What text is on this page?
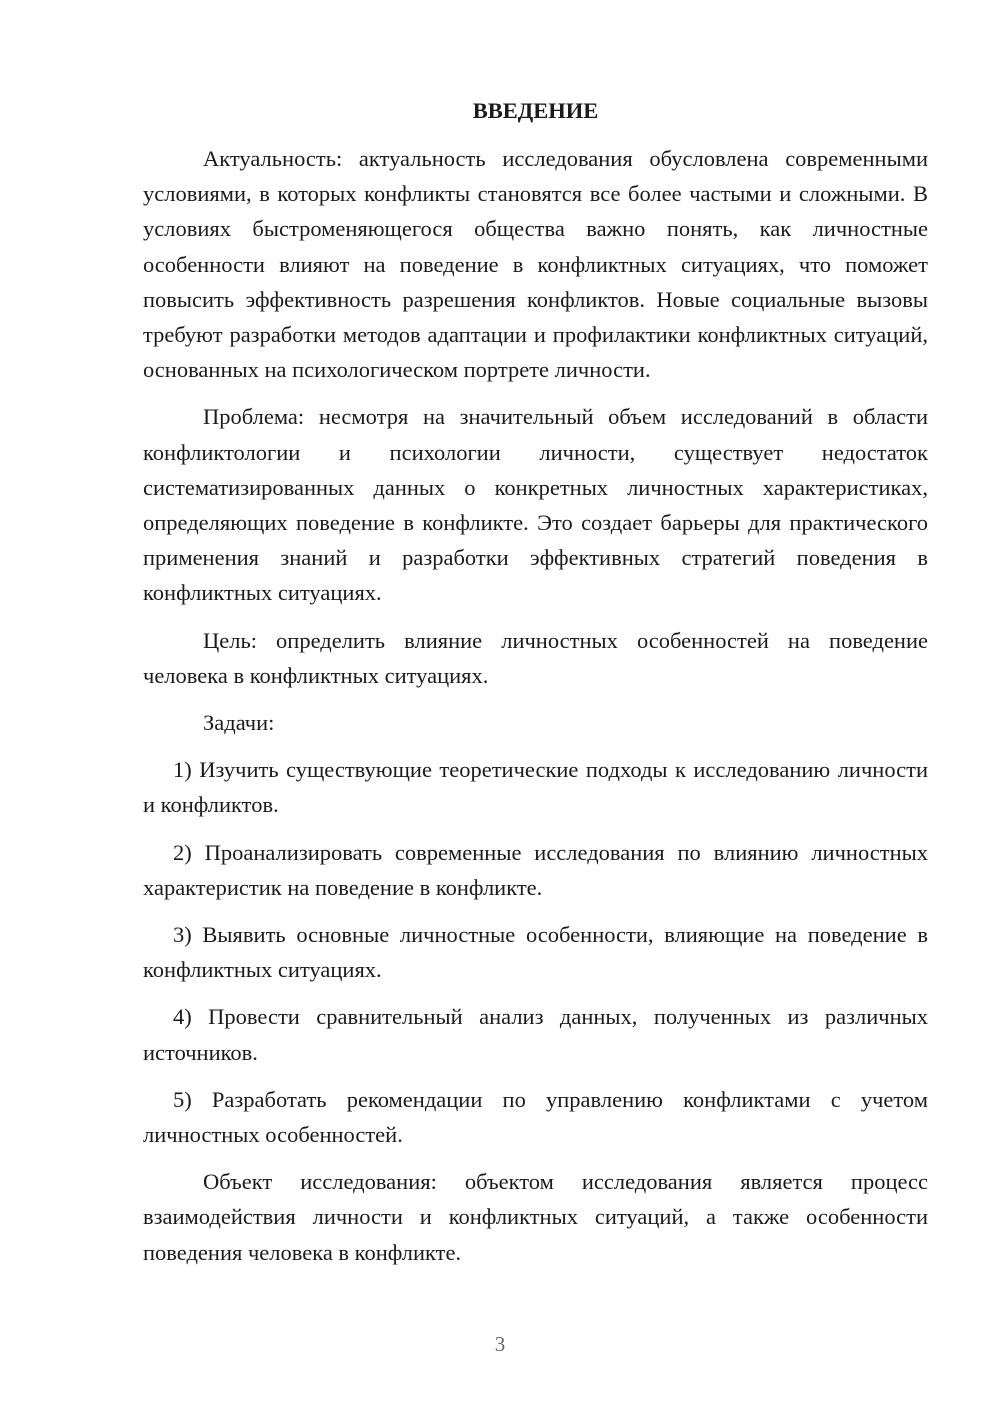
ВВЕДЕНИЕ

Актуальность: актуальность исследования обусловлена современными условиями, в которых конфликты становятся все более частыми и сложными. В условиях быстроменяющегося общества важно понять, как личностные особенности влияют на поведение в конфликтных ситуациях, что поможет повысить эффективность разрешения конфликтов. Новые социальные вызовы требуют разработки методов адаптации и профилактики конфликтных ситуаций, основанных на психологическом портрете личности.

Проблема: несмотря на значительный объем исследований в области конфликтологии и психологии личности, существует недостаток систематизированных данных о конкретных личностных характеристиках, определяющих поведение в конфликте. Это создает барьеры для практического применения знаний и разработки эффективных стратегий поведения в конфликтных ситуациях.

Цель: определить влияние личностных особенностей на поведение человека в конфликтных ситуациях.

Задачи:

1) Изучить существующие теоретические подходы к исследованию личности и конфликтов.

2) Проанализировать современные исследования по влиянию личностных характеристик на поведение в конфликте.

3) Выявить основные личностные особенности, влияющие на поведение в конфликтных ситуациях.

4) Провести сравнительный анализ данных, полученных из различных источников.

5) Разработать рекомендации по управлению конфликтами с учетом личностных особенностей.

Объект исследования: объектом исследования является процесс взаимодействия личности и конфликтных ситуаций, а также особенности поведения человека в конфликте.

3
